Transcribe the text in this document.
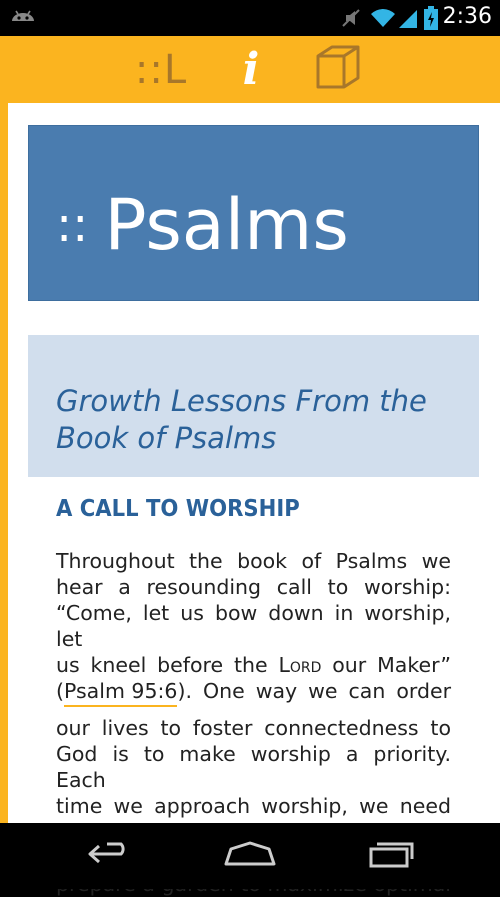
2:36
::L i
:: Psalms
Growth Lessons From the Book of Psalms
A CALL TO WORSHIP

Throughout the book of Psalms we

hear a resounding call to worship:

“Come, let us bow down in worship, let

us kneel before the Lord our Maker”

(Psalm 95:6). One way we can order

our lives to foster connectedness to

God is to make worship a priority. Each

time we approach worship, we need
